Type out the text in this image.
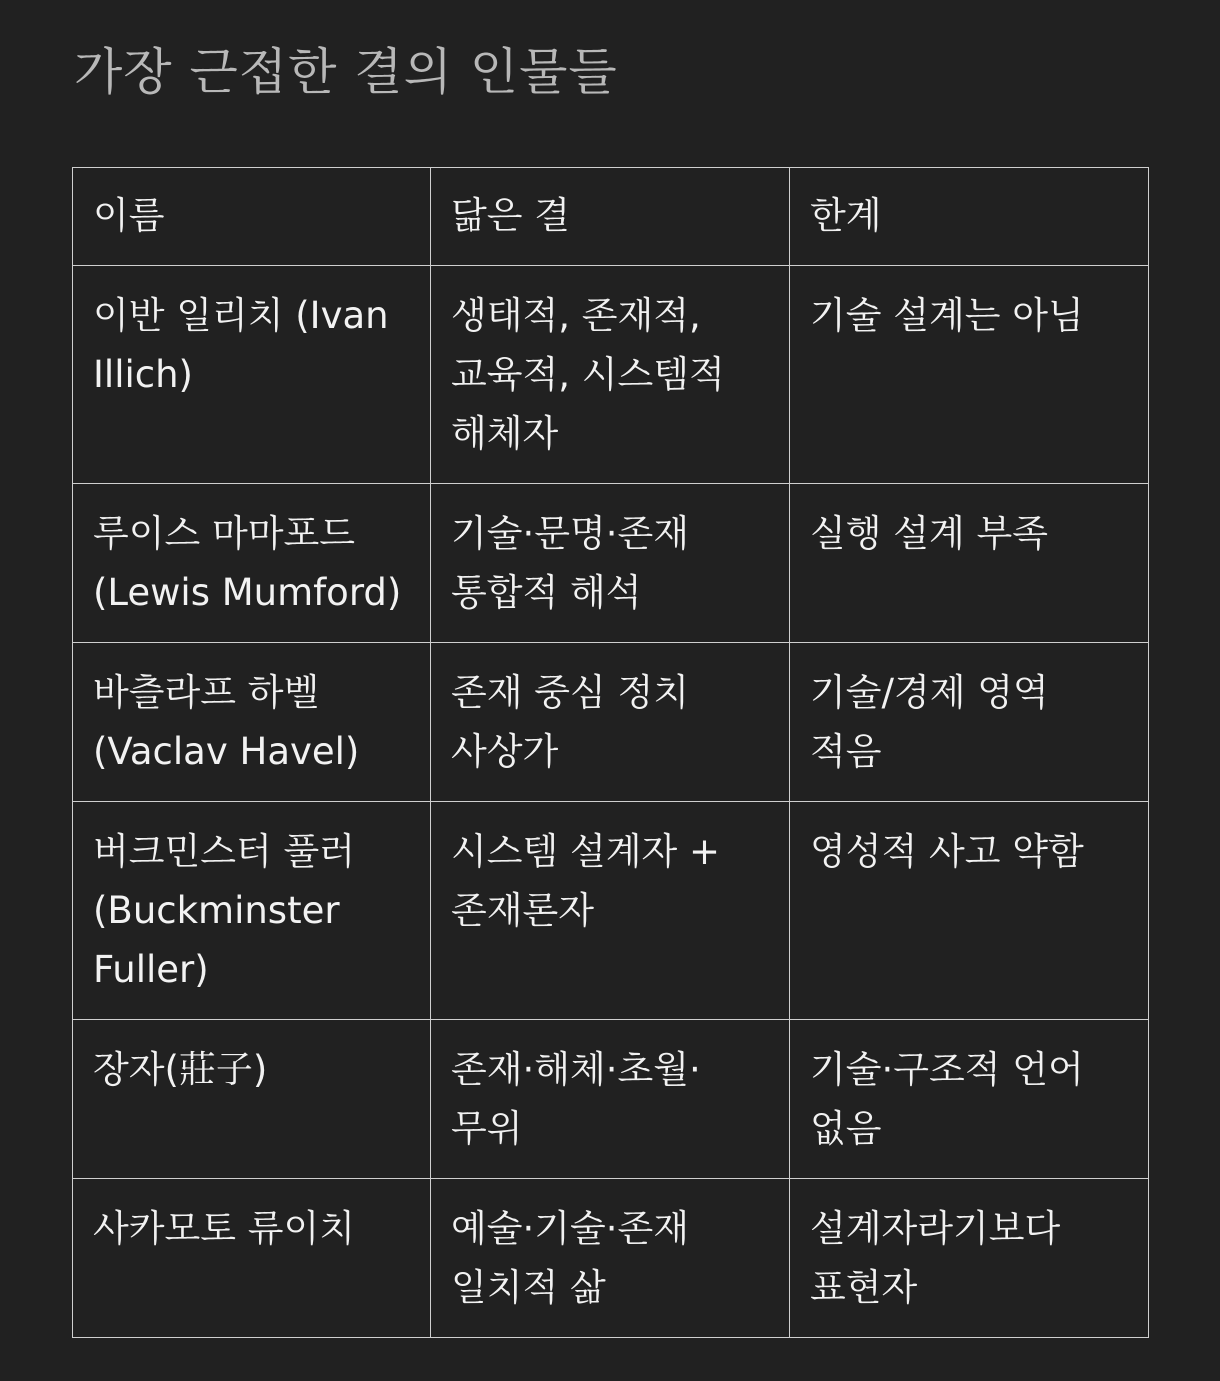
가장 근접한 결의 인물들
이름	닮은 결	한계
이반 일리치 (Ivan Illich)	생태적, 존재적, 교육적, 시스템적 해체자	기술 설계는 아님
루이스 마마포드 (Lewis Mumford)	기술·문명·존재 통합적 해석	실행 설계 부족
바츨라프 하벨 (Vaclav Havel)	존재 중심 정치 사상가	기술/경제 영역 적음
버크민스터 풀러 (Buckminster Fuller)	시스템 설계자 + 존재론자	영성적 사고 약함
장자(莊子)	존재·해체·초월·무위	기술·구조적 언어 없음
사카모토 류이치	예술·기술·존재 일치적 삶	설계자라기보다 표현자
